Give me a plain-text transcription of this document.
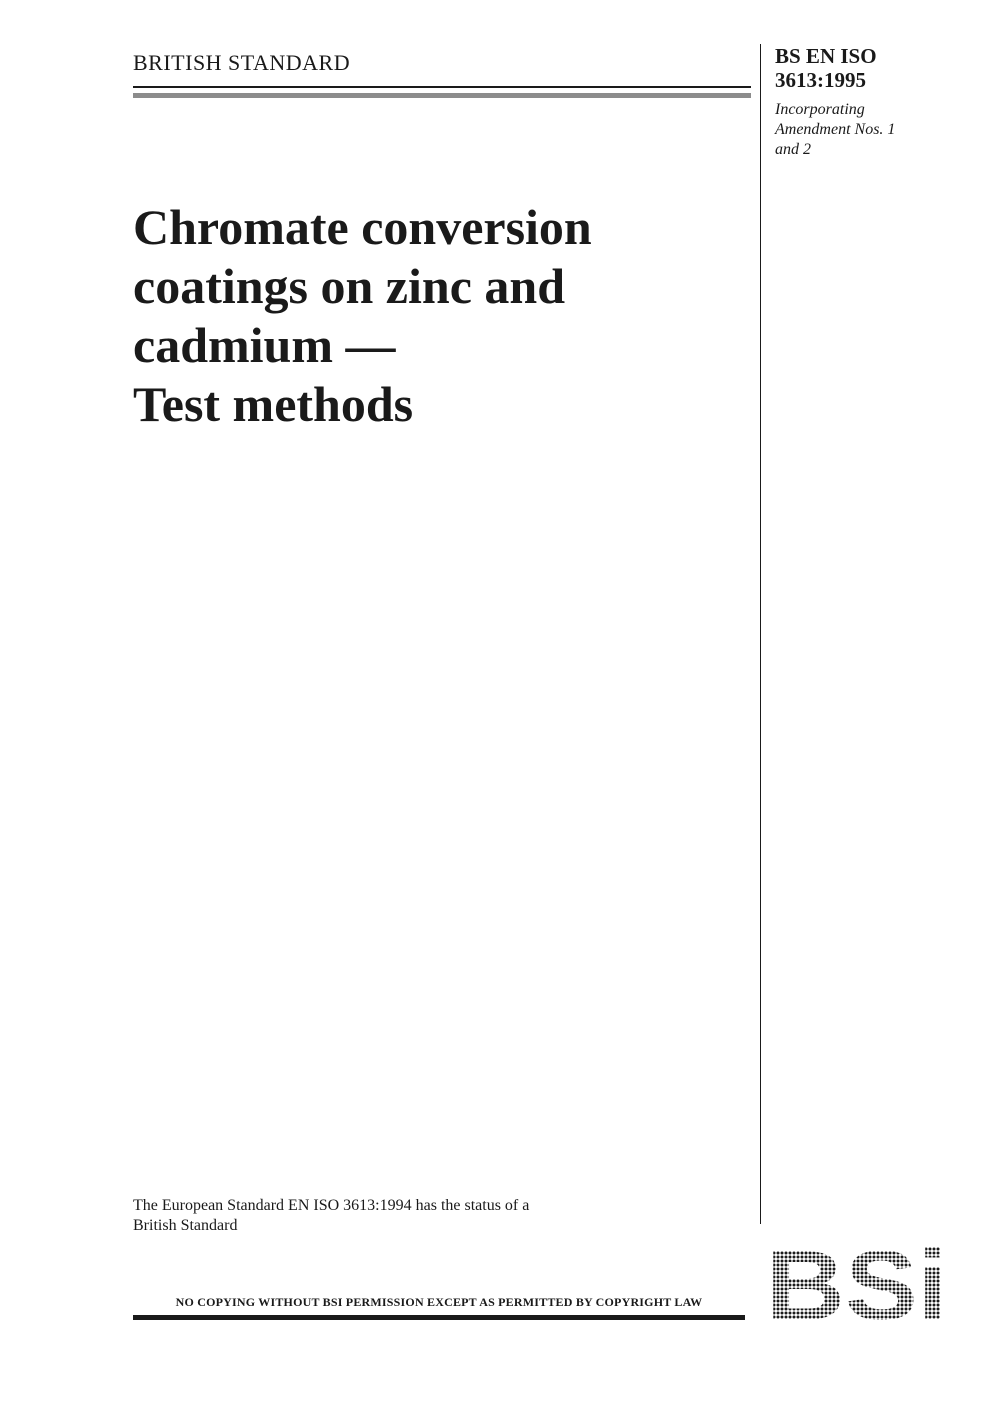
BRITISH STANDARD	BS EN ISO
3613:1995
Incorporating
Amendment Nos. 1
and 2
Chromate conversion
coatings on zinc and
cadmium —
Test methods
The European Standard EN ISO 3613:1994 has the status of a
British Standard
NO COPYING WITHOUT BSI PERMISSION EXCEPT AS PERMITTED BY COPYRIGHT LAW
